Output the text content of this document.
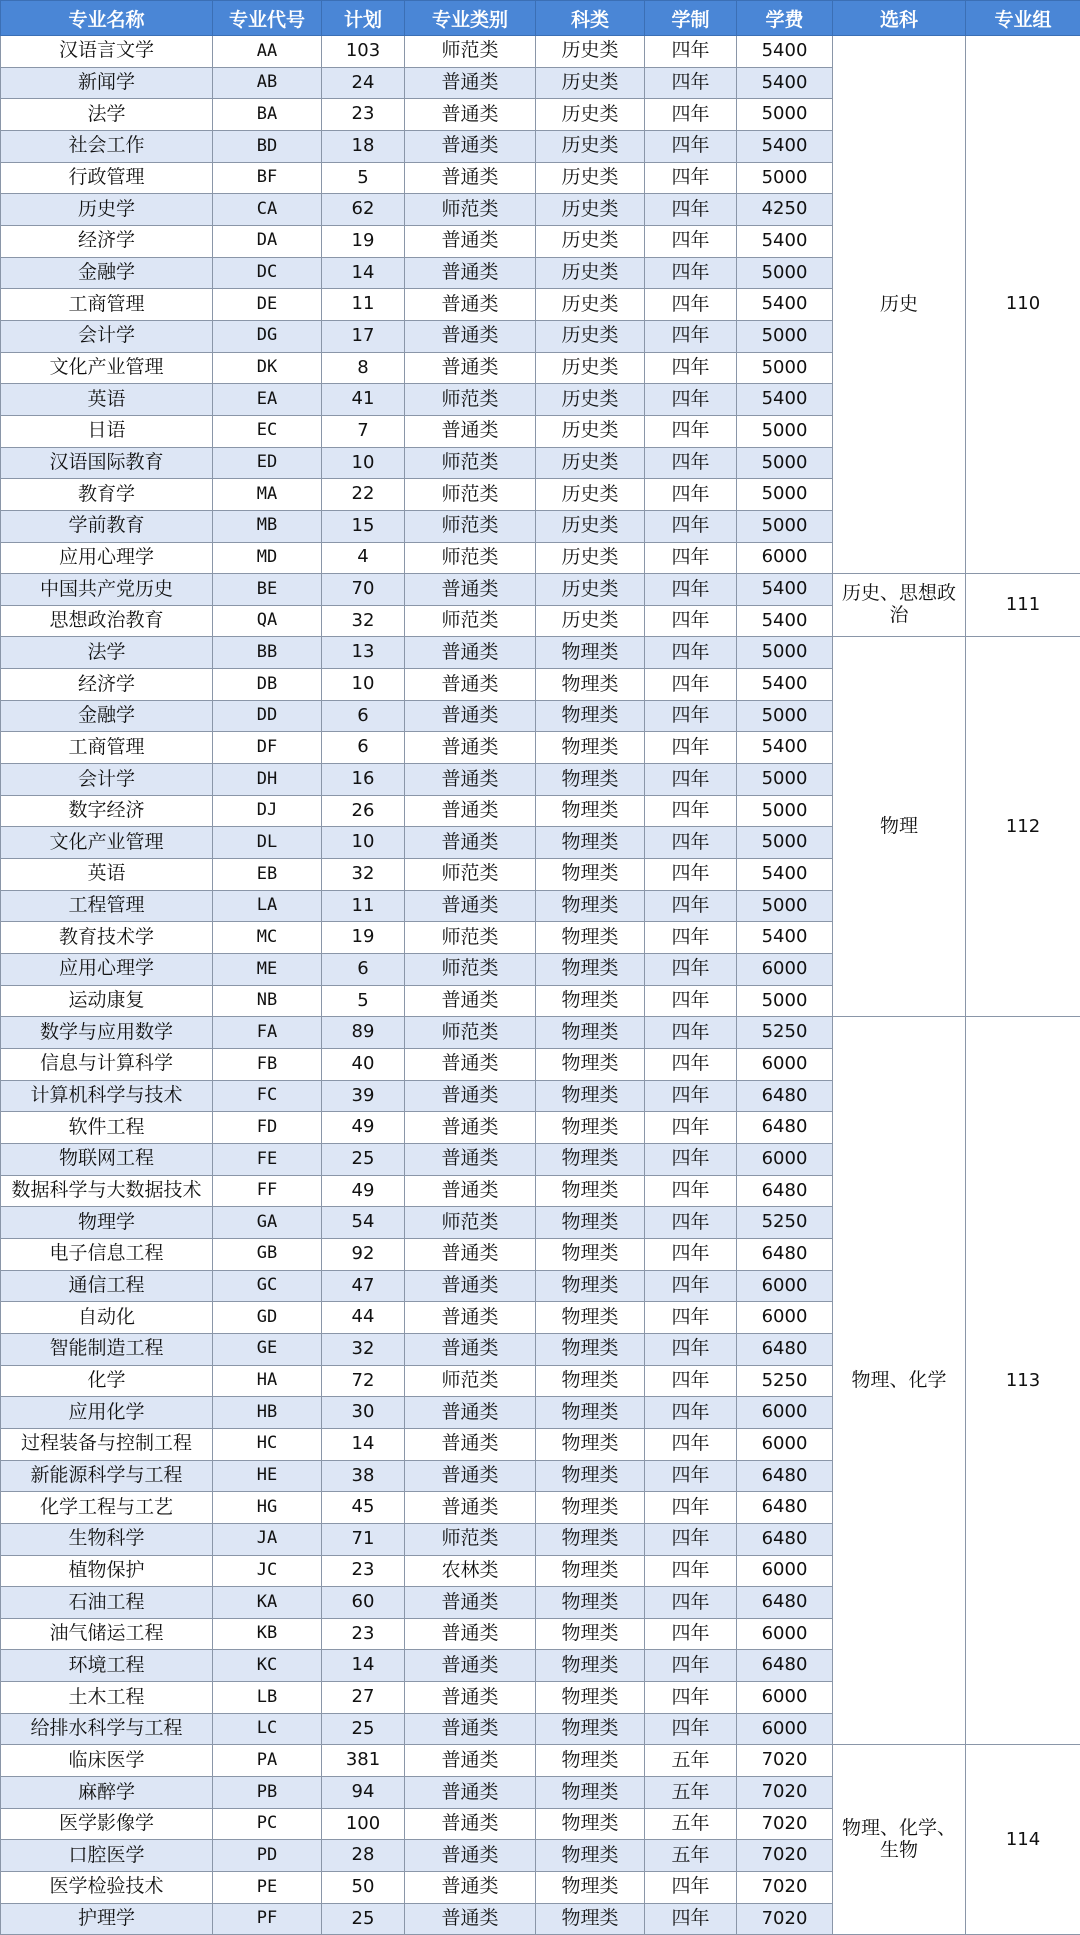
专业名称	专业代号	计划	专业类别	科类	学制	学费	选科	专业组
汉语言文学	AA	103	师范类	历史类	四年	5400	历史	110
新闻学	AB	24	普通类	历史类	四年	5400		
法学	BA	23	普通类	历史类	四年	5000		
社会工作	BD	18	普通类	历史类	四年	5400		
行政管理	BF	5	普通类	历史类	四年	5000		
历史学	CA	62	师范类	历史类	四年	4250		
经济学	DA	19	普通类	历史类	四年	5400		
金融学	DC	14	普通类	历史类	四年	5000		
工商管理	DE	11	普通类	历史类	四年	5400		
会计学	DG	17	普通类	历史类	四年	5000		
文化产业管理	DK	8	普通类	历史类	四年	5000		
英语	EA	41	师范类	历史类	四年	5400		
日语	EC	7	普通类	历史类	四年	5000		
汉语国际教育	ED	10	师范类	历史类	四年	5000		
教育学	MA	22	师范类	历史类	四年	5000		
学前教育	MB	15	师范类	历史类	四年	5000		
应用心理学	MD	4	师范类	历史类	四年	6000		
中国共产党历史	BE	70	普通类	历史类	四年	5400	历史、思想政治	111
思想政治教育	QA	32	师范类	历史类	四年	5400		
法学	BB	13	普通类	物理类	四年	5000	物理	112
经济学	DB	10	普通类	物理类	四年	5400		
金融学	DD	6	普通类	物理类	四年	5000		
工商管理	DF	6	普通类	物理类	四年	5400		
会计学	DH	16	普通类	物理类	四年	5000		
数字经济	DJ	26	普通类	物理类	四年	5000		
文化产业管理	DL	10	普通类	物理类	四年	5000		
英语	EB	32	师范类	物理类	四年	5400		
工程管理	LA	11	普通类	物理类	四年	5000		
教育技术学	MC	19	师范类	物理类	四年	5400		
应用心理学	ME	6	师范类	物理类	四年	6000		
运动康复	NB	5	普通类	物理类	四年	5000		
数学与应用数学	FA	89	师范类	物理类	四年	5250	物理、化学	113
信息与计算科学	FB	40	普通类	物理类	四年	6000		
计算机科学与技术	FC	39	普通类	物理类	四年	6480		
软件工程	FD	49	普通类	物理类	四年	6480		
物联网工程	FE	25	普通类	物理类	四年	6000		
数据科学与大数据技术	FF	49	普通类	物理类	四年	6480		
物理学	GA	54	师范类	物理类	四年	5250		
电子信息工程	GB	92	普通类	物理类	四年	6480		
通信工程	GC	47	普通类	物理类	四年	6000		
自动化	GD	44	普通类	物理类	四年	6000		
智能制造工程	GE	32	普通类	物理类	四年	6480		
化学	HA	72	师范类	物理类	四年	5250		
应用化学	HB	30	普通类	物理类	四年	6000		
过程装备与控制工程	HC	14	普通类	物理类	四年	6000		
新能源科学与工程	HE	38	普通类	物理类	四年	6480		
化学工程与工艺	HG	45	普通类	物理类	四年	6480		
生物科学	JA	71	师范类	物理类	四年	6480		
植物保护	JC	23	农林类	物理类	四年	6000		
石油工程	KA	60	普通类	物理类	四年	6480		
油气储运工程	KB	23	普通类	物理类	四年	6000		
环境工程	KC	14	普通类	物理类	四年	6480		
土木工程	LB	27	普通类	物理类	四年	6000		
给排水科学与工程	LC	25	普通类	物理类	四年	6000		
临床医学	PA	381	普通类	物理类	五年	7020	物理、化学、生物	114
麻醉学	PB	94	普通类	物理类	五年	7020		
医学影像学	PC	100	普通类	物理类	五年	7020		
口腔医学	PD	28	普通类	物理类	五年	7020		
医学检验技术	PE	50	普通类	物理类	四年	7020		
护理学	PF	25	普通类	物理类	四年	7020		
